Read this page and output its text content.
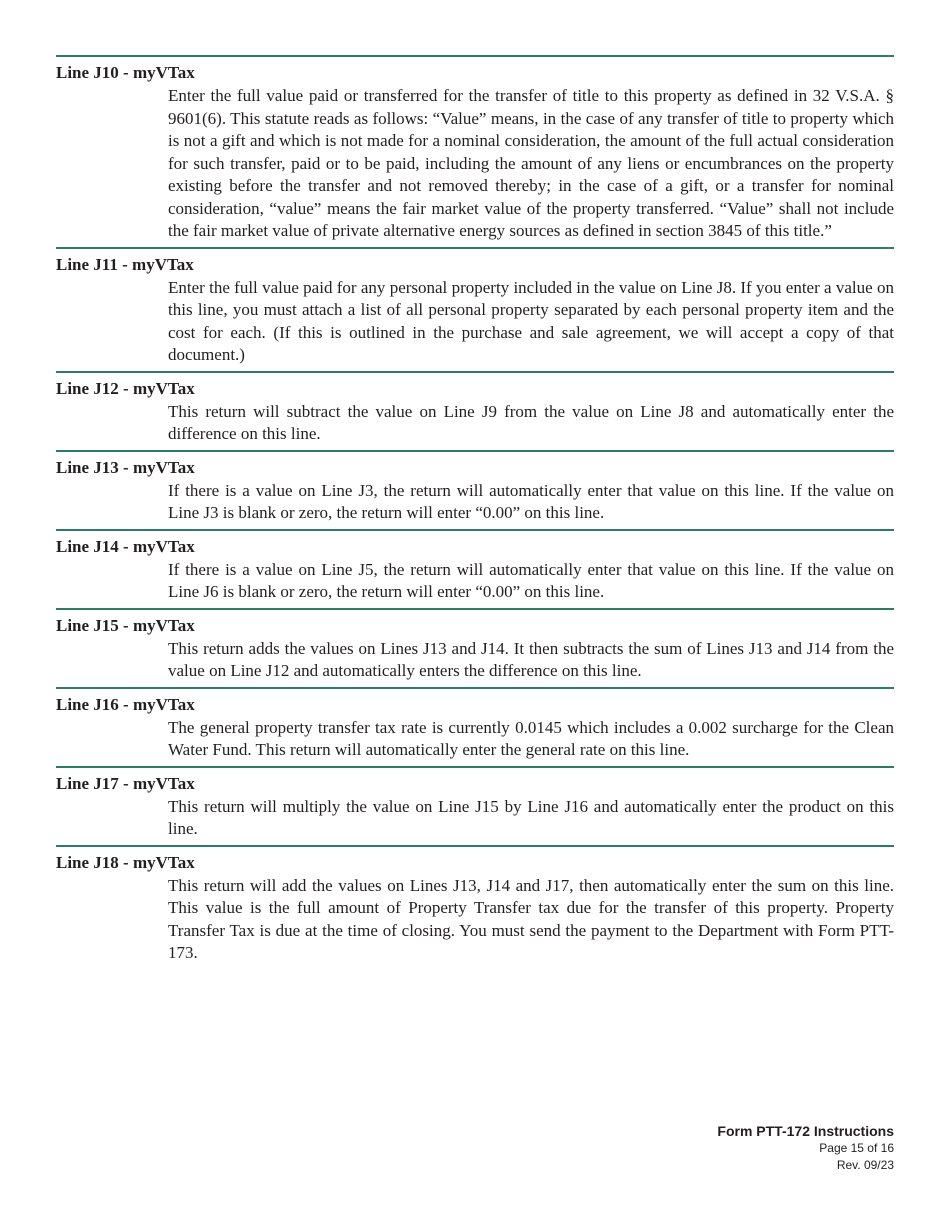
Line J10 - myVTax
Enter the full value paid or transferred for the transfer of title to this property as defined in 32 V.S.A. § 9601(6). This statute reads as follows: “Value” means, in the case of any transfer of title to property which is not a gift and which is not made for a nominal consideration, the amount of the full actual consideration for such transfer, paid or to be paid, including the amount of any liens or encumbrances on the property existing before the transfer and not removed thereby; in the case of a gift, or a transfer for nominal consideration, “value” means the fair market value of the property transferred. “Value” shall not include the fair market value of private alternative energy sources as defined in section 3845 of this title.”
Line J11 - myVTax
Enter the full value paid for any personal property included in the value on Line J8. If you enter a value on this line, you must attach a list of all personal property separated by each personal property item and the cost for each. (If this is outlined in the purchase and sale agreement, we will accept a copy of that document.)
Line J12 - myVTax
This return will subtract the value on Line J9 from the value on Line J8 and automatically enter the difference on this line.
Line J13 - myVTax
If there is a value on Line J3, the return will automatically enter that value on this line. If the value on Line J3 is blank or zero, the return will enter “0.00” on this line.
Line J14 - myVTax
If there is a value on Line J5, the return will automatically enter that value on this line. If the value on Line J6 is blank or zero, the return will enter “0.00” on this line.
Line J15 - myVTax
This return adds the values on Lines J13 and J14. It then subtracts the sum of Lines J13 and J14 from the value on Line J12 and automatically enters the difference on this line.
Line J16 - myVTax
The general property transfer tax rate is currently 0.0145 which includes a 0.002 surcharge for the Clean Water Fund. This return will automatically enter the general rate on this line.
Line J17 - myVTax
This return will multiply the value on Line J15 by Line J16 and automatically enter the product on this line.
Line J18 - myVTax
This return will add the values on Lines J13, J14 and J17, then automatically enter the sum on this line. This value is the full amount of Property Transfer tax due for the transfer of this property. Property Transfer Tax is due at the time of closing. You must send the payment to the Department with Form PTT-173.
Form PTT-172 Instructions
Page 15 of 16
Rev. 09/23
